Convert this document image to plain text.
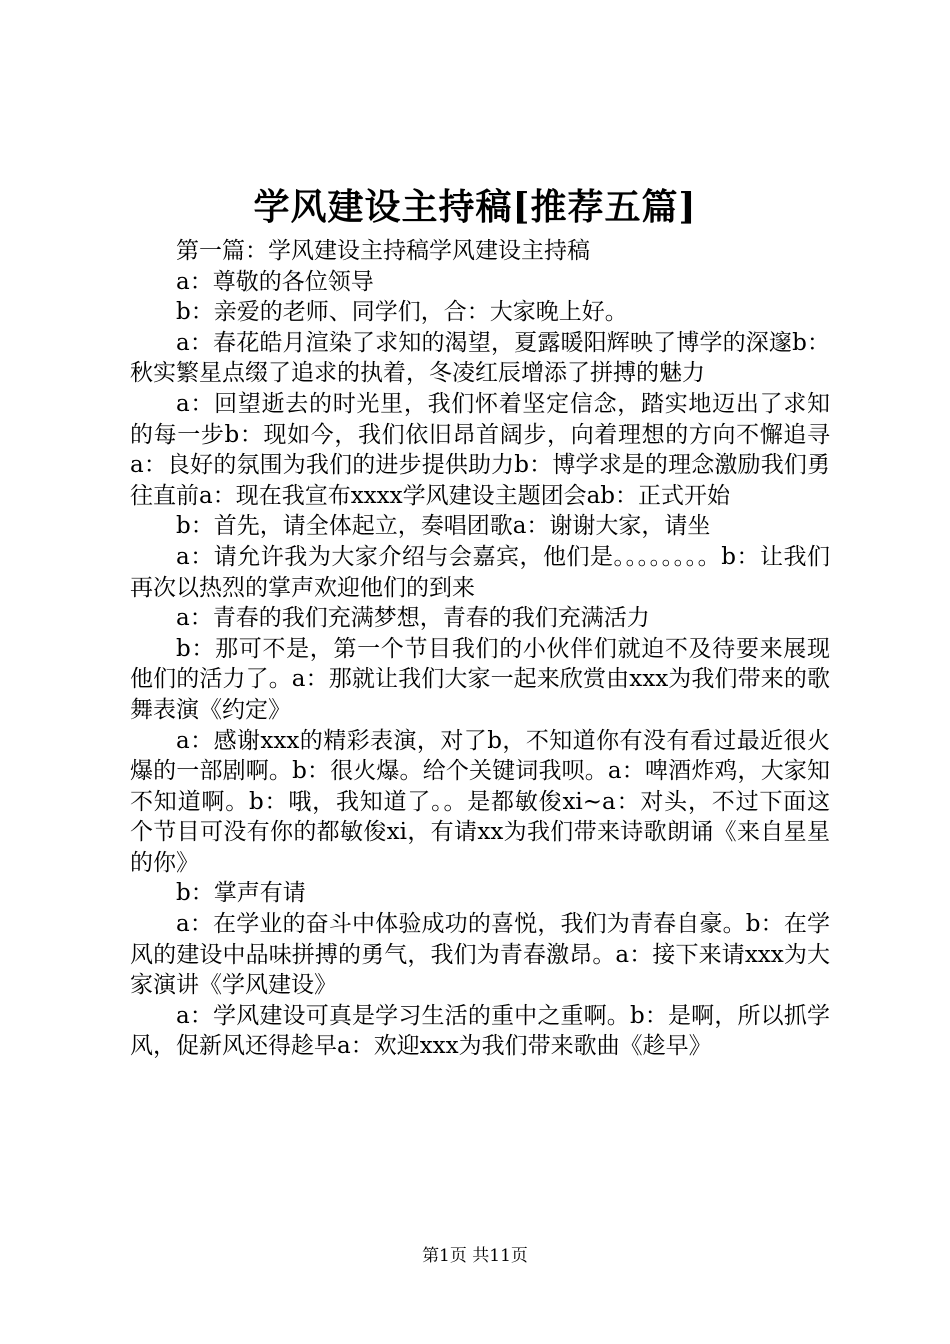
学风建设主持稿[推荐五篇]

第一篇：学风建设主持稿学风建设主持稿

a：尊敬的各位领导

b：亲爱的老师、同学们，合：大家晚上好。

a：春花皓月渲染了求知的渴望，夏露暖阳辉映了博学的深邃b：秋实繁星点缀了追求的执着，冬凌红辰增添了拼搏的魅力

a：回望逝去的时光里，我们怀着坚定信念，踏实地迈出了求知的每一步b：现如今，我们依旧昂首阔步，向着理想的方向不懈追寻a：良好的氛围为我们的进步提供助力b：博学求是的理念激励我们勇往直前a：现在我宣布xxxx学风建设主题团会ab：正式开始

b：首先，请全体起立，奏唱团歌a：谢谢大家，请坐

a：请允许我为大家介绍与会嘉宾，他们是。。。。。。。。b：让我们再次以热烈的掌声欢迎他们的到来

a：青春的我们充满梦想，青春的我们充满活力

b：那可不是，第一个节目我们的小伙伴们就迫不及待要来展现他们的活力了。a：那就让我们大家一起来欣赏由xxx为我们带来的歌舞表演《约定》

a：感谢xxx的精彩表演，对了b，不知道你有没有看过最近很火爆的一部剧啊。b：很火爆。给个关键词我呗。a：啤酒炸鸡，大家知不知道啊。b：哦，我知道了。。是都敏俊xi~a：对头，不过下面这个节目可没有你的都敏俊xi，有请xx为我们带来诗歌朗诵《来自星星的你》

b：掌声有请

a：在学业的奋斗中体验成功的喜悦，我们为青春自豪。b：在学风的建设中品味拼搏的勇气，我们为青春激昂。a：接下来请xxx为大家演讲《学风建设》

a：学风建设可真是学习生活的重中之重啊。b：是啊，所以抓学风，促新风还得趁早a：欢迎xxx为我们带来歌曲《趁早》

第1页 共11页
